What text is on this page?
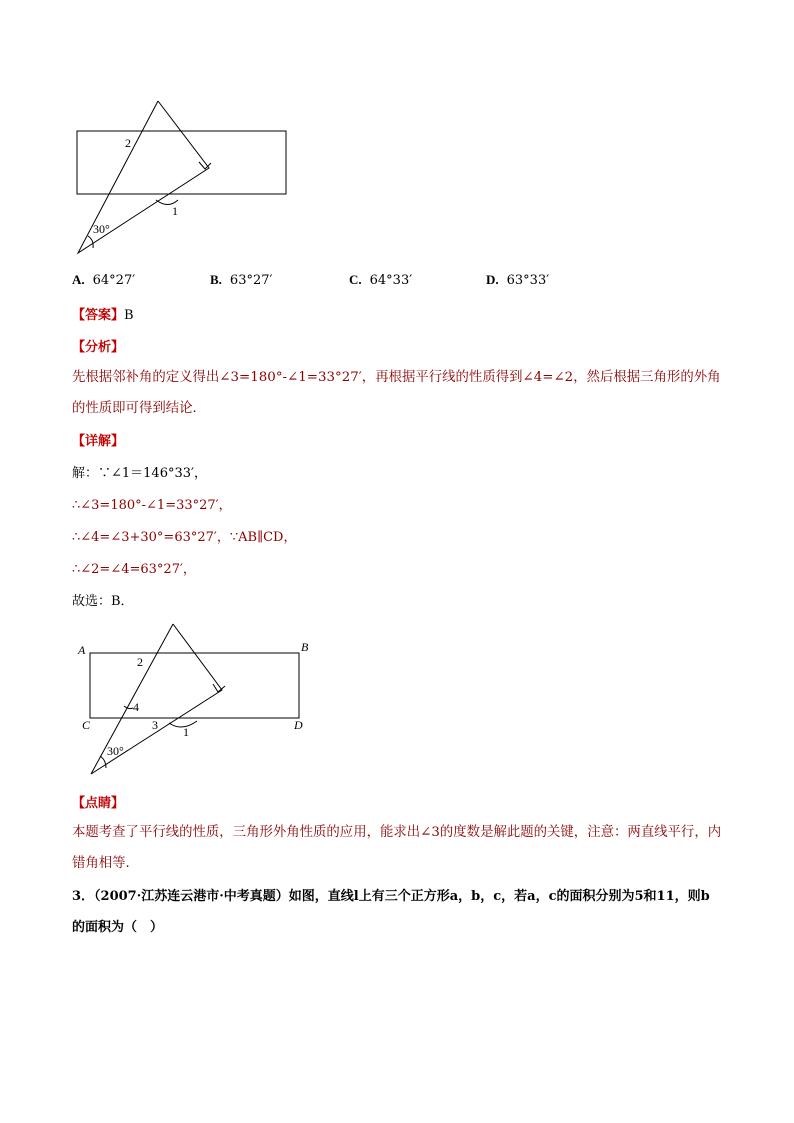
2
1
30°
A. 64°27′	B. 63°27′	C. 64°33′	D. 63°33′
【答案】B
【分析】
先根据邻补角的定义得出∠3=180°-∠1=33°27′，再根据平行线的性质得到∠4=∠2，然后根据三角形的外角的性质即可得到结论．
【详解】
解：∵∠1＝146°33′，
∴∠3=180°-∠1=33°27′，
∴∠4=∠3+30°=63°27′，∵AB∥CD，
∴∠2=∠4=63°27′，
故选：B．
A	B
C	D
2
4
3 1
30°
【点睛】
本题考查了平行线的性质，三角形外角性质的应用，能求出∠3的度数是解此题的关键，注意：两直线平行，内错角相等．
3．（2007·江苏连云港市·中考真题）如图，直线l上有三个正方形a，b，c，若a，c的面积分别为5和11，则b的面积为（　）
